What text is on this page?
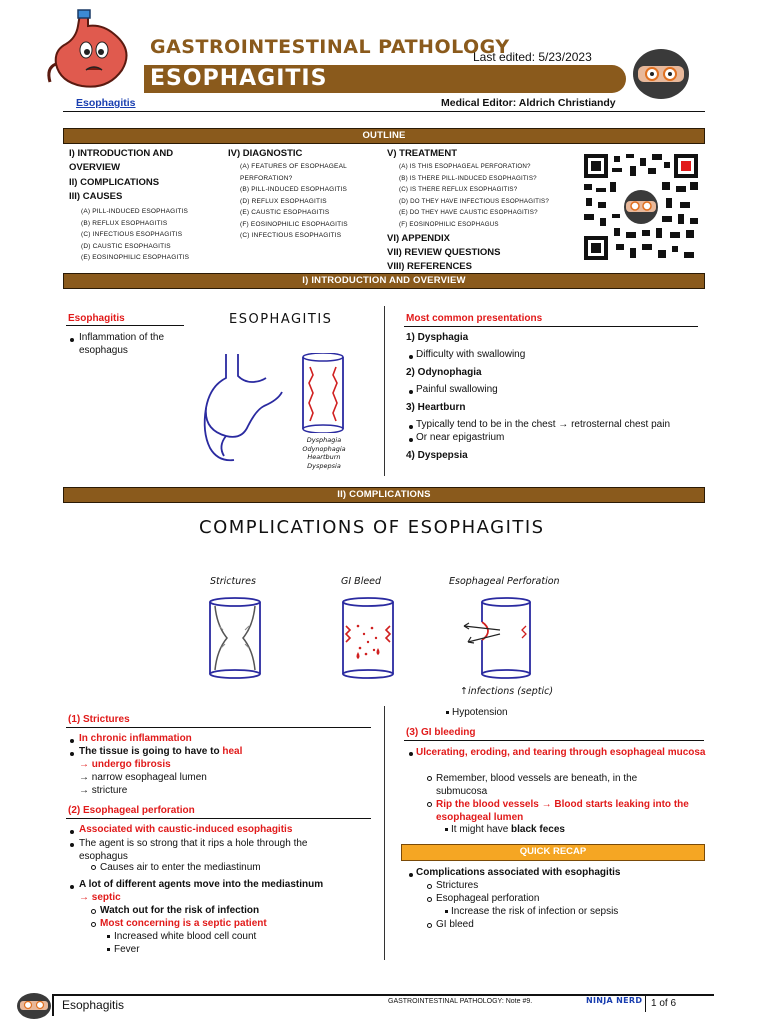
GASTROINTESTINAL PATHOLOGY
Last edited: 5/23/2023
ESOPHAGITIS
Esophagitis	Medical Editor: Aldrich Christiandy
OUTLINE
I) INTRODUCTION AND
OVERVIEW
II) COMPLICATIONS
III) CAUSES
(A) PILL-INDUCED ESOPHAGITIS
(B) REFLUX ESOPHAGITIS
(C) INFECTIOUS ESOPHAGITIS
(D) CAUSTIC ESOPHAGITIS
(E) EOSINOPHILIC ESOPHAGITIS
IV) DIAGNOSTIC
(A) FEATURES OF ESOPHAGEAL
PERFORATION?
(B) PILL-INDUCED ESOPHAGITIS
(D) REFLUX ESOPHAGITIS
(E) CAUSTIC ESOPHAGITIS
(F) EOSINOPHILIC ESOPHAGITIS
(C) INFECTIOUS ESOPHAGITIS
V) TREATMENT
(A) IS THIS ESOPHAGEAL PERFORATION?
(B) IS THERE PILL-INDUCED ESOPHAGITIS?
(C) IS THERE REFLUX ESOPHAGITIS?
(D) DO THEY HAVE INFECTIOUS ESOPHAGITIS?
(E) DO THEY HAVE CAUSTIC ESOPHAGITIS?
(F) EOSINOPHILIC ESOPHAGUS
VI) APPENDIX
VII) REVIEW QUESTIONS
VIII) REFERENCES
I) INTRODUCTION AND OVERVIEW
Esophagitis
Inflammation of the esophagus
ESOPHAGITIS
Dysphagia
Odynophagia
Heartburn
Dyspepsia
Most common presentations
1) Dysphagia
Difficulty with swallowing
2) Odynophagia
Painful swallowing
3) Heartburn
Typically tend to be in the chest → retrosternal chest pain
Or near epigastrium
4) Dyspepsia
II) COMPLICATIONS
COMPLICATIONS OF ESOPHAGITIS
Strictures	GI Bleed	Esophageal Perforation
↑infections (septic)
(1) Strictures
In chronic inflammation
The tissue is going to have to heal
→ undergo fibrosis
→ narrow esophageal lumen
→ stricture
(2) Esophageal perforation
Associated with caustic-induced esophagitis
The agent is so strong that it rips a hole through the esophagus
Causes air to enter the mediastinum
A lot of different agents move into the mediastinum
→ septic
Watch out for the risk of infection
Most concerning is a septic patient
Increased white blood cell count
Fever
Hypotension
(3) GI bleeding
Ulcerating, eroding, and tearing through esophageal mucosa
Remember, blood vessels are beneath, in the submucosa
Rip the blood vessels → Blood starts leaking into the esophageal lumen
It might have black feces
QUICK RECAP
Complications associated with esophagitis
Strictures
Esophageal perforation
Increase the risk of infection or sepsis
GI bleed
Esophagitis	GASTROINTESTINAL PATHOLOGY: Note #9.	NINJA NERD 1 of 6
